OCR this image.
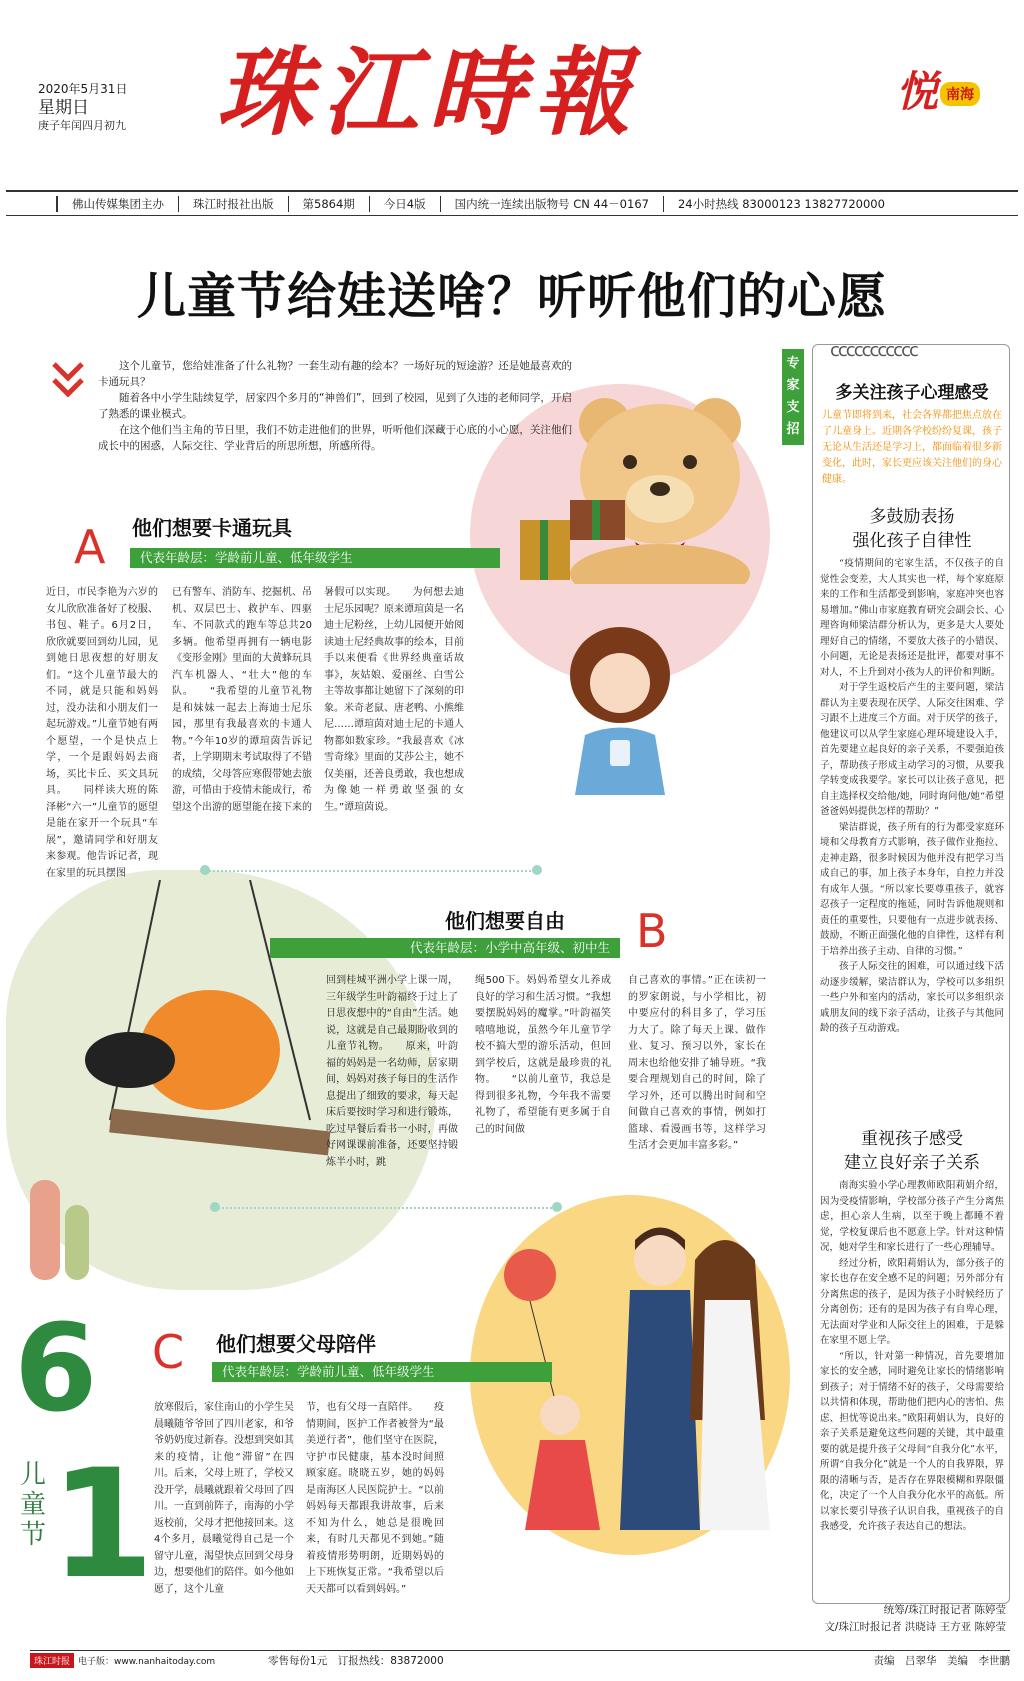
2020年5月31日
星期日
庚子年闰四月初九 珠江時報	悦 南海
佛山传媒集团主办	珠江时报社出版	第5864期	今日4版	国内统一连续出版物号 CN 44－0167	24小时热线 83000123 13827720000
儿童节给娃送啥？听听他们的心愿

这个儿童节，您给娃准备了什么礼物？一套生动有趣的绘本？一场好玩的短途游？还是她最喜欢的卡通玩具？

随着各中小学生陆续复学，居家四个多月的“神兽们”，回到了校园，见到了久违的老师同学，开启了熟悉的课业模式。

在这个他们当主角的节日里，我们不妨走进他们的世界，听听他们深藏于心底的小心愿，关注他们成长中的困惑，人际交往、学业背后的所思所想，所感所得。

A 他们想要卡通玩具
代表年龄层：学龄前儿童、低年级学生
近日，市民李艳为六岁的女儿欣欣准备好了校服、书包、鞋子。6月2日，欣欣就要回到幼儿园，见到她日思夜想的好朋友们。“这个儿童节最大的不同，就是只能和妈妈过，没办法和小朋友们一起玩游戏。”儿童节她有两个愿望，一个是快点上学，一个是跟妈妈去商场，买比卡丘、买文具玩具。　　同样读大班的陈泽彬“六一”儿童节的愿望是能在家开一个玩具“车展”，邀请同学和好朋友来参观。他告诉记者，现在家里的玩具摆图
已有警车、消防车、挖掘机、吊机、双层巴士、救护车、四驱车、不同款式的跑车等总共20多辆。他希望再拥有一辆电影《变形金刚》里面的大黄蜂玩具汽车机器人、“壮大”他的车队。　　“我希望的儿童节礼物是和妹妹一起去上海迪士尼乐园，那里有我最喜欢的卡通人物。”今年10岁的谭瑄茵告诉记者，上学期期末考试取得了不错的成绩，父母答应寒假带她去旅游，可惜由于疫情未能成行，希望这个出游的愿望能在接下来的
暑假可以实现。　　为何想去迪士尼乐园呢？原来谭瑄茵是一名迪士尼粉丝，上幼儿园便开始阅读迪士尼经典故事的绘本，目前手以来便看《世界经典童话故事》，灰姑娘、爱丽丝、白雪公主等故事都让她留下了深刻的印象。米奇老鼠、唐老鸭、小熊维尼……谭瑄茵对迪士尼的卡通人物都如数家珍。“我最喜欢《冰雪奇缘》里面的艾莎公主，她不仅美丽，还善良勇敢，我也想成为像她一样勇敢坚强的女生。”谭瑄茵说。
他们想要自由
代表年龄层：小学中高年级、初中生 B
回到桂城平洲小学上课一周，三年级学生叶韵福终于过上了日思夜想中的“自由”生活。她说，这就是自己最期盼收到的儿童节礼物。　　原来，叶韵福的妈妈是一名幼师，居家期间，妈妈对孩子每日的生活作息提出了细致的要求，每天起床后要按时学习和进行锻炼，吃过早餐后看书一小时，再做好网课课前准备，还要坚持锻炼半小时，跳
绳500下。妈妈希望女儿养成良好的学习和生活习惯。“我想要摆脱妈妈的魔掌。”叶韵福笑嘻嘻地说，虽然今年儿童节学校不搞大型的游乐活动，但回到学校后，这就是最珍贵的礼物。　　“以前儿童节，我总是得到很多礼物，今年我不需要礼物了，希望能有更多属于自己的时间做
自己喜欢的事情。”正在读初一的罗家朗说，与小学相比，初中要应付的科目多了，学习压力大了。除了每天上课、做作业、复习、预习以外，家长在周末也给他安排了辅导班。“我要合理规划自己的时间，除了学习外，还可以腾出时间和空间做自己喜欢的事情，例如打篮球、看漫画书等，这样学习生活才会更加丰富多彩。”
6
1
儿童节
C 他们想要父母陪伴
代表年龄层：学龄前儿童、低年级学生
放寒假后，家住南山的小学生吴晨曦随爷爷回了四川老家，和爷爷奶奶度过新春。没想到突如其来的疫情，让他“滞留”在四川。后来，父母上班了，学校又没开学，晨曦就跟着父母回了四川。一直到前阵子，南海的小学返校前，父母才把他接回来。这4个多月，晨曦觉得自己是一个留守儿童，渴望快点回到父母身边，想要他们的陪伴。如今他如愿了，这个儿童
节，也有父母一直陪伴。　　疫情期间，医护工作者被誉为“最美逆行者”，他们坚守在医院，守护市民健康，基本没时间照顾家庭。晓晓五岁，她的妈妈是南海区人民医院护士。“以前妈妈每天都跟我讲故事，后来不知为什么，她总是很晚回来，有时几天都见不到她。”随着疫情形势明朗，近期妈妈的上下班恢复正常。“我希望以后天天都可以看到妈妈。”
专家支招
ccccccccccc
多关注孩子心理感受
儿童节即将到来，社会各界都把焦点放在了儿童身上。近期各学校纷纷复课，孩子无论从生活还是学习上，都面临着很多新变化，此时，家长更应该关注他们的身心健康。
多鼓励表扬
强化孩子自律性

“疫情期间的宅家生活，不仅孩子的自觉性会变差，大人其实也一样，每个家庭原来的工作和生活都受到影响，家庭冲突也容易增加。”佛山市家庭教育研究会副会长、心理咨询师梁洁群分析认为，更多是大人要处理好自己的情绪，不要放大孩子的小错误、小问题，无论是表扬还是批评，都要对事不对人，不上升到对小孩为人的评价和判断。

对于学生返校后产生的主要问题，梁洁群认为主要表现在厌学、人际交往困难、学习跟不上进度三个方面。对于厌学的孩子，他建议可以从学生家庭心理环境建设入手，首先要建立起良好的亲子关系，不要强迫孩子，帮助孩子形成主动学习的习惯，从要我学转变成我要学。家长可以让孩子意见，把自主选择权交给他/她，同时询问他/她“希望爸爸妈妈提供怎样的帮助？”

梁洁群说，孩子所有的行为都受家庭环境和父母教育方式影响，孩子做作业拖拉、走神走路，很多时候因为他并没有把学习当成自己的事，加上孩子本身年，自控力并没有成年人强。“所以家长要尊重孩子，就容忍孩子一定程度的拖延，同时告诉他规则和责任的重要性，只要他有一点进步就表扬、鼓励，不断正面强化他的自律性，这样有利于培养出孩子主动、自律的习惯。”

孩子人际交往的困难，可以通过线下活动逐步缓解，梁洁群认为，学校可以多组织一些户外和室内的活动，家长可以多组织亲戚朋友间的线下亲子活动，让孩子与其他同龄的孩子互动游戏。

重视孩子感受
建立良好亲子关系

南海实验小学心理教师欧阳莉娟介绍，因为受疫情影响，学校部分孩子产生分离焦虑，担心亲人生病，以至于晚上都睡不着觉，学校复课后也不愿意上学。针对这种情况，她对学生和家长进行了一些心理辅导。

经过分析，欧阳莉娟认为，部分孩子的家长也存在安全感不足的问题；另外部分有分离焦虑的孩子，是因为孩子小时候经历了分离创伤；还有的是因为孩子有自卑心理，无法面对学业和人际交往上的困难，于是躲在家里不愿上学。

“所以，针对第一种情况，首先要增加家长的安全感，同时避免让家长的情绪影响到孩子；对于情绪不好的孩子，父母需要给以共情和体现，帮助他们把内心的害怕、焦虑、担忧等说出来。”欧阳莉娟认为，良好的亲子关系是避免这些问题的关键，其中最重要的就是提升孩子父母间“自我分化”水平，所谓“自我分化”就是一个人的自我界限，界限的清晰与否，是否存在界限模糊和界限僵化，决定了一个人自我分化水平的高低。所以家长要引导孩子认识自我，重视孩子的自我感受，允许孩子表达自己的想法。

统筹/珠江时报记者 陈婷莹
文/珠江时报记者 洪晓诗 王方亚 陈婷莹
珠江时报 电子版：www.nanhaitoday.com	零售每份1元　订报热线：83872000	责编　吕翠华　美编　李世鹏
